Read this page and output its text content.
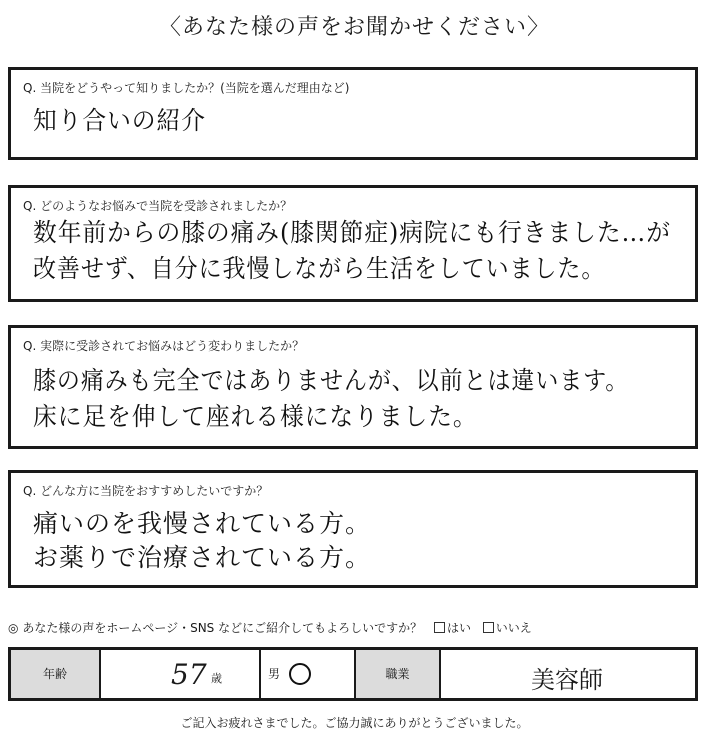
〈あなた様の声をお聞かせください〉
Q. 当院をどうやって知りましたか？(当院を選んだ理由など)
知り合いの紹介
Q. どのようなお悩みで当院を受診されましたか？
数年前からの膝の痛み(膝関節症)病院にも行きました…が
改善せず、自分に我慢しながら生活をしていました。
Q. 実際に受診されてお悩みはどう変わりましたか？
膝の痛みも完全ではありませんが、以前とは違います。
床に足を伸して座れる様になりました。
Q. どんな方に当院をおすすめしたいですか？
痛いのを我慢されている方。
お薬りで治療されている方。
◎ あなた様の声をホームページ・SNS などにご紹介してもよろしいですか？ はい いいえ
年齢	57 歳	男	職業	美容師
ご記入お疲れさまでした。ご協力誠にありがとうございました。
